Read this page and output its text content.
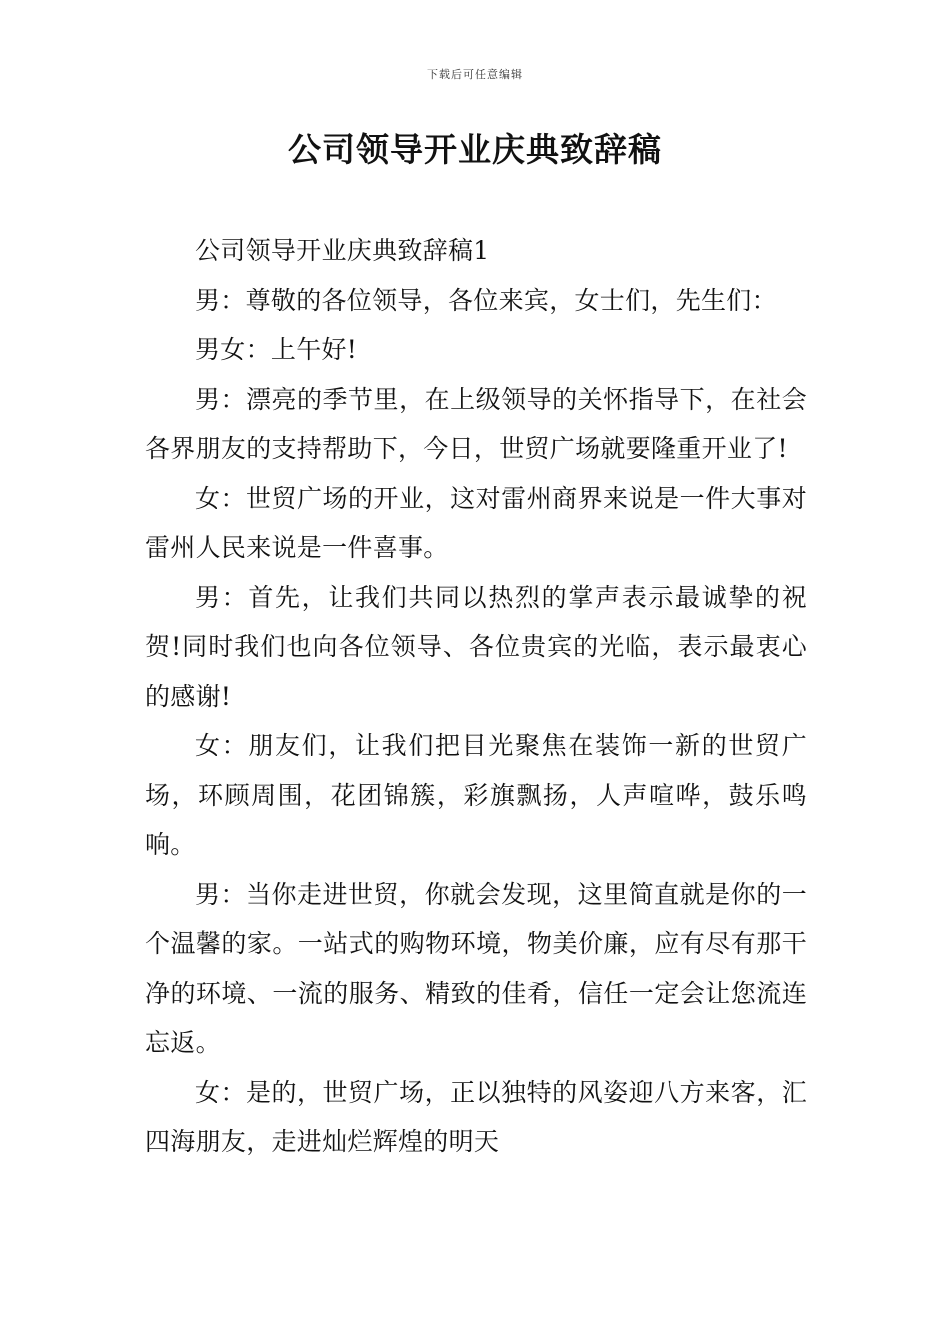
下载后可任意编辑
公司领导开业庆典致辞稿

公司领导开业庆典致辞稿1

男：尊敬的各位领导，各位来宾，女士们，先生们：

男女：上午好!

男：漂亮的季节里，在上级领导的关怀指导下，在社会各界朋友的支持帮助下，今日，世贸广场就要隆重开业了!

女：世贸广场的开业，这对雷州商界来说是一件大事对雷州人民来说是一件喜事。

男：首先，让我们共同以热烈的掌声表示最诚挚的祝贺!同时我们也向各位领导、各位贵宾的光临，表示最衷心的感谢!

女：朋友们，让我们把目光聚焦在装饰一新的世贸广场，环顾周围，花团锦簇，彩旗飘扬，人声喧哗，鼓乐鸣响。

男：当你走进世贸，你就会发现，这里简直就是你的一个温馨的家。一站式的购物环境，物美价廉，应有尽有那干净的环境、一流的服务、精致的佳肴，信任一定会让您流连忘返。

女：是的，世贸广场，正以独特的风姿迎八方来客，汇四海朋友，走进灿烂辉煌的明天
